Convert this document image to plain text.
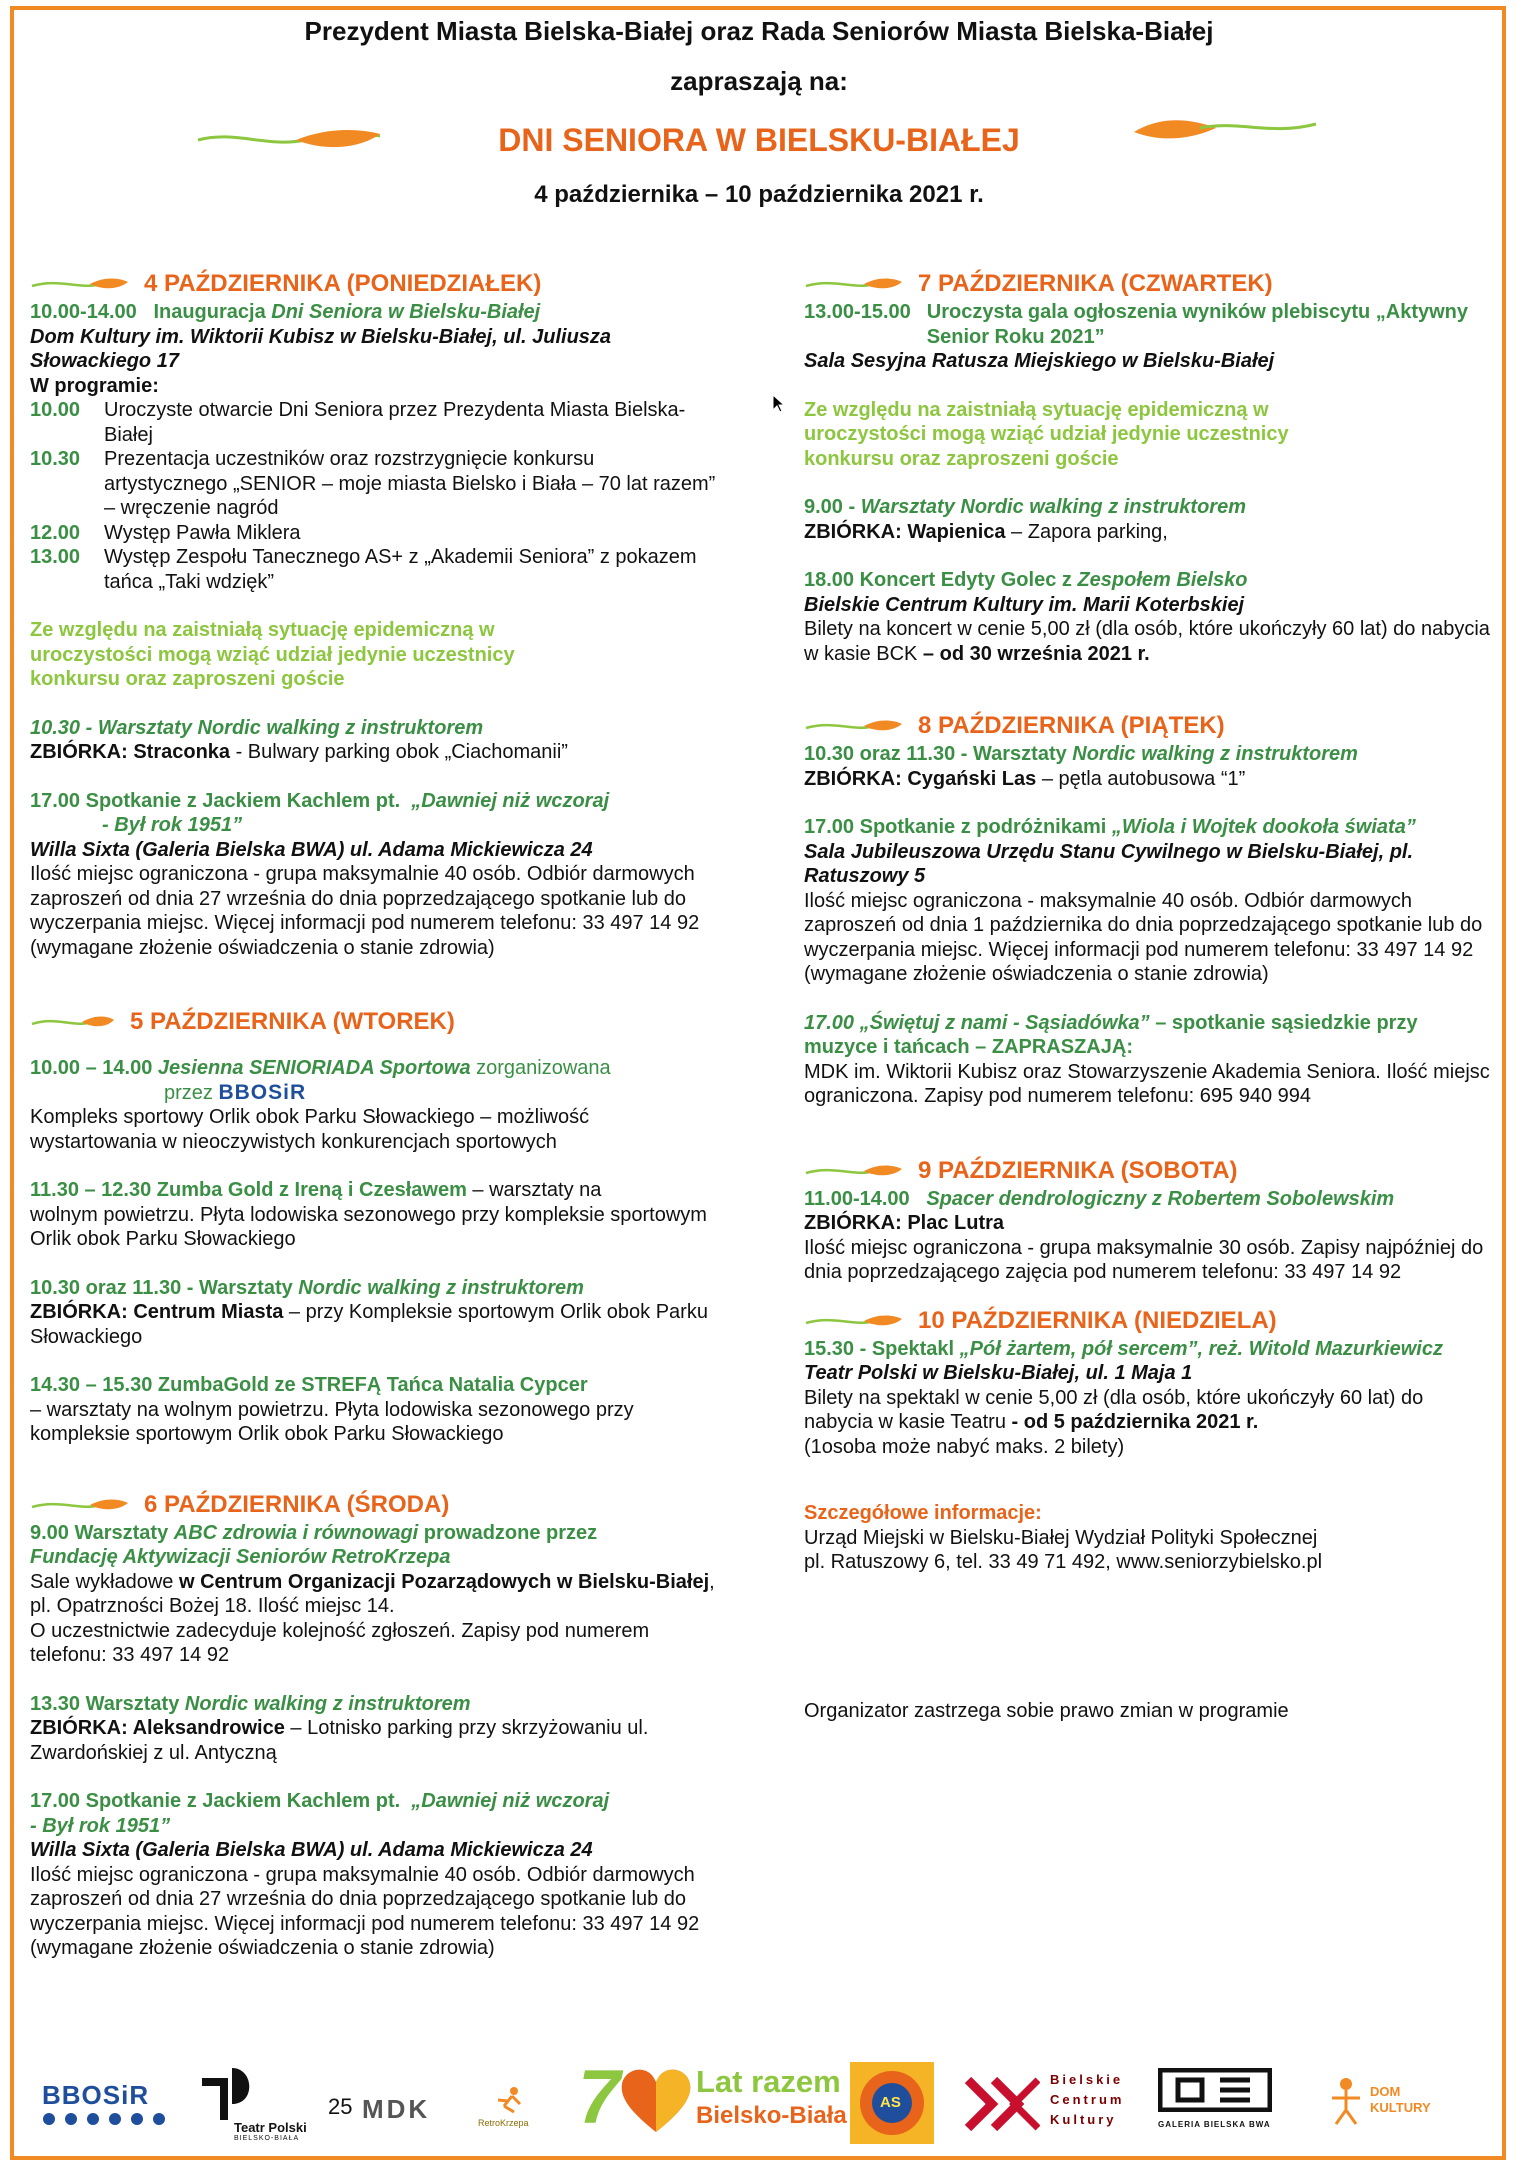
Prezydent Miasta Bielska-Białej oraz Rada Seniorów Miasta Bielska-Białej
zapraszają na:
DNI SENIORA W BIELSKU-BIAŁEJ
4 października – 10 października 2021 r.
4 PAŹDZIERNIKA (PONIEDZIAŁEK)
10.00-14.00 Inauguracja Dni Seniora w Bielsku-Białej
Dom Kultury im. Wiktorii Kubisz w Bielsku-Białej, ul. Juliusza Słowackiego 17
W programie:
10.00	Uroczyste otwarcie Dni Seniora przez Prezydenta Miasta Bielska-Białej
10.30	Prezentacja uczestników oraz rozstrzygnięcie konkursu artystycznego „SENIOR – moje miasta Bielsko i Biała – 70 lat razem” – wręczenie nagród
12.00	Występ Pawła Miklera
13.00	Występ Zespołu Tanecznego AS+ z „Akademii Seniora” z pokazem tańca „Taki wdzięk”
Ze względu na zaistniałą sytuację epidemiczną w uroczystości mogą wziąć udział jedynie uczestnicy konkursu oraz zaproszeni goście
10.30 - Warsztaty Nordic walking z instruktorem
ZBIÓRKA: Straconka - Bulwary parking obok „Ciachomanii”
17.00 Spotkanie z Jackiem Kachlem pt. „Dawniej niż wczoraj
- Był rok 1951”
Willa Sixta (Galeria Bielska BWA) ul. Adama Mickiewicza 24
Ilość miejsc ograniczona - grupa maksymalnie 40 osób. Odbiór darmowych zaproszeń od dnia 27 września do dnia poprzedzającego spotkanie lub do wyczerpania miejsc. Więcej informacji pod numerem telefonu: 33 497 14 92 (wymagane złożenie oświadczenia o stanie zdrowia)
5 PAŹDZIERNIKA (WTOREK)
10.00 – 14.00 Jesienna SENIORIADA Sportowa zorganizowana
przez BBOSiR
Kompleks sportowy Orlik obok Parku Słowackiego – możliwość wystartowania w nieoczywistych konkurencjach sportowych
11.30 – 12.30 Zumba Gold z Ireną i Czesławem – warsztaty na
wolnym powietrzu. Płyta lodowiska sezonowego przy kompleksie sportowym Orlik obok Parku Słowackiego
10.30 oraz 11.30 - Warsztaty Nordic walking z instruktorem
ZBIÓRKA: Centrum Miasta – przy Kompleksie sportowym Orlik obok Parku Słowackiego
14.30 – 15.30 ZumbaGold ze STREFĄ Tańca Natalia Cypcer
– warsztaty na wolnym powietrzu. Płyta lodowiska sezonowego przy kompleksie sportowym Orlik obok Parku Słowackiego
6 PAŹDZIERNIKA (ŚRODA)
9.00 Warsztaty ABC zdrowia i równowagi prowadzone przez
Fundację Aktywizacji Seniorów RetroKrzepa
Sale wykładowe w Centrum Organizacji Pozarządowych w Bielsku-Białej, pl. Opatrzności Bożej 18. Ilość miejsc 14.
O uczestnictwie zadecyduje kolejność zgłoszeń. Zapisy pod numerem telefonu: 33 497 14 92
13.30 Warsztaty Nordic walking z instruktorem
ZBIÓRKA: Aleksandrowice – Lotnisko parking przy skrzyżowaniu ul. Zwardońskiej z ul. Antyczną
17.00 Spotkanie z Jackiem Kachlem pt. „Dawniej niż wczoraj
- Był rok 1951”
Willa Sixta (Galeria Bielska BWA) ul. Adama Mickiewicza 24
Ilość miejsc ograniczona - grupa maksymalnie 40 osób. Odbiór darmowych zaproszeń od dnia 27 września do dnia poprzedzającego spotkanie lub do wyczerpania miejsc. Więcej informacji pod numerem telefonu: 33 497 14 92 (wymagane złożenie oświadczenia o stanie zdrowia)
7 PAŹDZIERNIKA (CZWARTEK)
13.00-15.00 Uroczysta gala ogłoszenia wyników plebiscytu „Aktywny Senior Roku 2021”
Sala Sesyjna Ratusza Miejskiego w Bielsku-Białej
Ze względu na zaistniałą sytuację epidemiczną w uroczystości mogą wziąć udział jedynie uczestnicy konkursu oraz zaproszeni goście
9.00 - Warsztaty Nordic walking z instruktorem
ZBIÓRKA: Wapienica – Zapora parking,
18.00 Koncert Edyty Golec z Zespołem Bielsko
Bielskie Centrum Kultury im. Marii Koterbskiej
Bilety na koncert w cenie 5,00 zł (dla osób, które ukończyły 60 lat) do nabycia w kasie BCK – od 30 września 2021 r.
8 PAŹDZIERNIKA (PIĄTEK)
10.30 oraz 11.30 - Warsztaty Nordic walking z instruktorem
ZBIÓRKA: Cygański Las – pętla autobusowa “1”
17.00 Spotkanie z podróżnikami „Wiola i Wojtek dookoła świata”
Sala Jubileuszowa Urzędu Stanu Cywilnego w Bielsku-Białej, pl. Ratuszowy 5
Ilość miejsc ograniczona - maksymalnie 40 osób. Odbiór darmowych zaproszeń od dnia 1 października do dnia poprzedzającego spotkanie lub do wyczerpania miejsc. Więcej informacji pod numerem telefonu: 33 497 14 92 (wymagane złożenie oświadczenia o stanie zdrowia)
17.00 „Świętuj z nami - Sąsiadówka” – spotkanie sąsiedzkie przy muzyce i tańcach – ZAPRASZAJĄ:
MDK im. Wiktorii Kubisz oraz Stowarzyszenie Akademia Seniora. Ilość miejsc ograniczona. Zapisy pod numerem telefonu: 695 940 994
9 PAŹDZIERNIKA (SOBOTA)
11.00-14.00 Spacer dendrologiczny z Robertem Sobolewskim
ZBIÓRKA: Plac Lutra
Ilość miejsc ograniczona - grupa maksymalnie 30 osób. Zapisy najpóźniej do dnia poprzedzającego zajęcia pod numerem telefonu: 33 497 14 92
10 PAŹDZIERNIKA (NIEDZIELA)
15.30 - Spektakl „Pół żartem, pół sercem”, reż. Witold Mazurkiewicz
Teatr Polski w Bielsku-Białej, ul. 1 Maja 1
Bilety na spektakl w cenie 5,00 zł (dla osób, które ukończyły 60 lat) do nabycia w kasie Teatru - od 5 października 2021 r.
(1osoba może nabyć maks. 2 bilety)
Szczegółowe informacje:
Urząd Miejski w Bielsku-Białej Wydział Polityki Społecznej
pl. Ratuszowy 6, tel. 33 49 71 492, www.seniorzybielsko.pl
Organizator zastrzega sobie prawo zmian w programie
BBOSiR
Teatr Polski
BIELSKO-BIAŁA
25 MDK	RetroKrzepa 7 Lat razem
Bielsko-Biała AS
Bielskie
Centrum
Kultury	GALERIA BIELSKA BWA
DOM
KULTURY
